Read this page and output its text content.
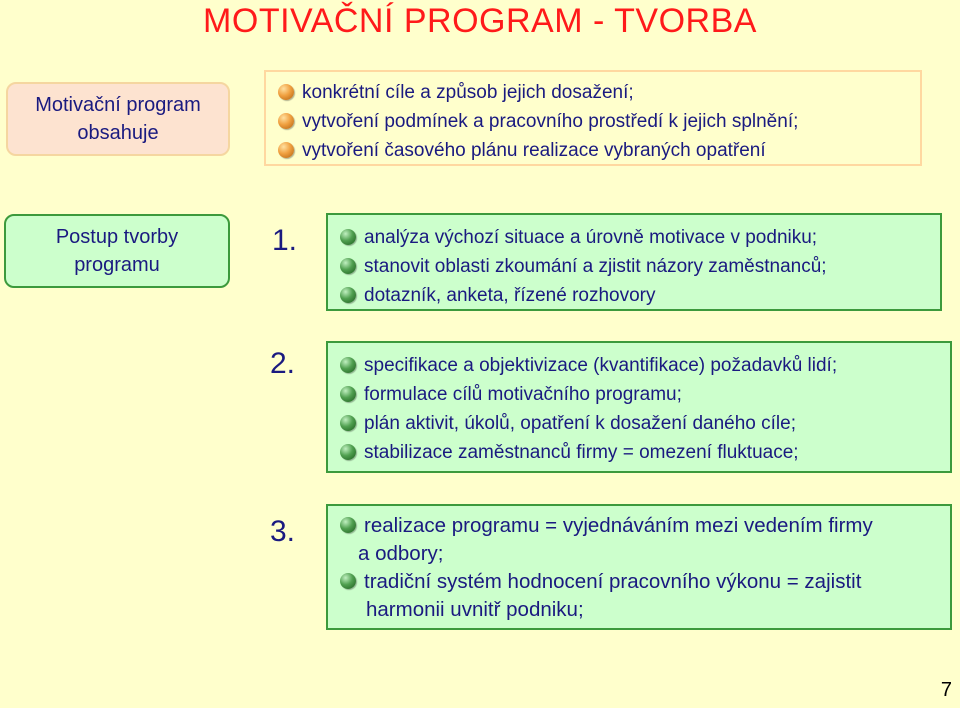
MOTIVAČNÍ PROGRAM - TVORBA
Motivační program
obsahuje
konkrétní cíle a způsob jejich dosažení;
vytvoření podmínek a pracovního prostředí k jejich splnění;
vytvoření časového plánu realizace vybraných opatření
Postup tvorby
programu
1.	analýza výchozí situace a úrovně motivace v podniku;
stanovit oblasti zkoumání a zjistit názory zaměstnanců;
dotazník, anketa, řízené rozhovory
2.	specifikace a objektivizace (kvantifikace) požadavků lidí;
formulace cílů motivačního programu;
plán aktivit, úkolů, opatření k dosažení daného cíle;
stabilizace zaměstnanců firmy = omezení fluktuace;
3.	realizace programu = vyjednáváním mezi vedením firmy
a odbory;
tradiční systém hodnocení pracovního výkonu = zajistit
harmonii uvnitř podniku;
7
